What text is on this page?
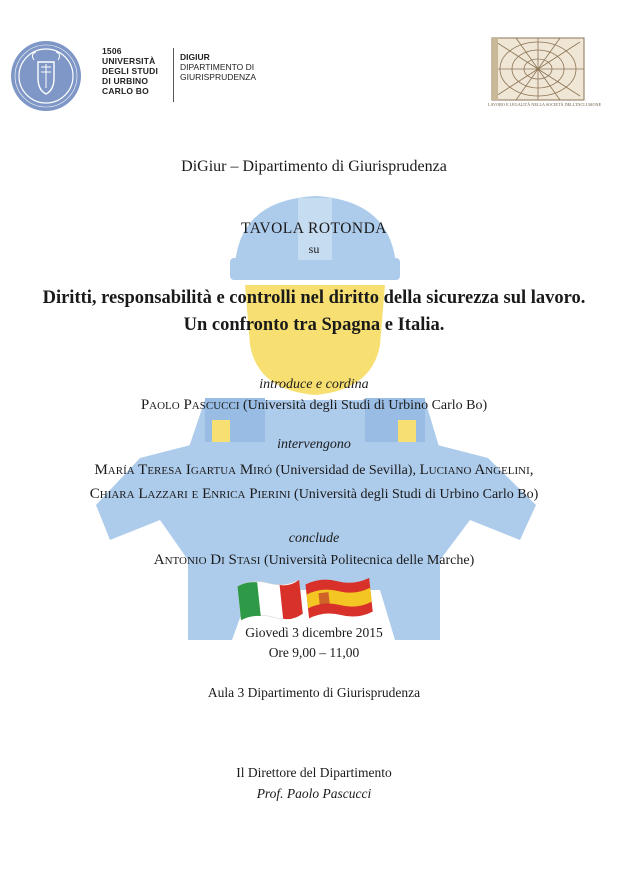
1506
UNIVERSITÀ
DEGLI STUDI
DI URBINO
CARLO BO
DIGIUR
DIPARTIMENTO DI
GIURISPRUDENZA
LAVORO E LEGALITÀ NELLA SOCIETÀ DELL'INCLUSIONE
DiGiur – Dipartimento di Giurisprudenza
TAVOLA ROTONDA
su
Diritti, responsabilità e controlli nel diritto della sicurezza sul lavoro.
Un confronto tra Spagna e Italia.
introduce e cordina
Paolo Pascucci (Università degli Studi di Urbino Carlo Bo)
intervengono
María Teresa Igartua Miró (Universidad de Sevilla), Luciano Angelini,
Chiara Lazzari e Enrica Pierini (Università degli Studi di Urbino Carlo Bo)
conclude
Antonio Di Stasi (Università Politecnica delle Marche)
Giovedì 3 dicembre 2015
Ore 9,00 – 11,00
Aula 3 Dipartimento di Giurisprudenza
Il Direttore del Dipartimento
Prof. Paolo Pascucci
